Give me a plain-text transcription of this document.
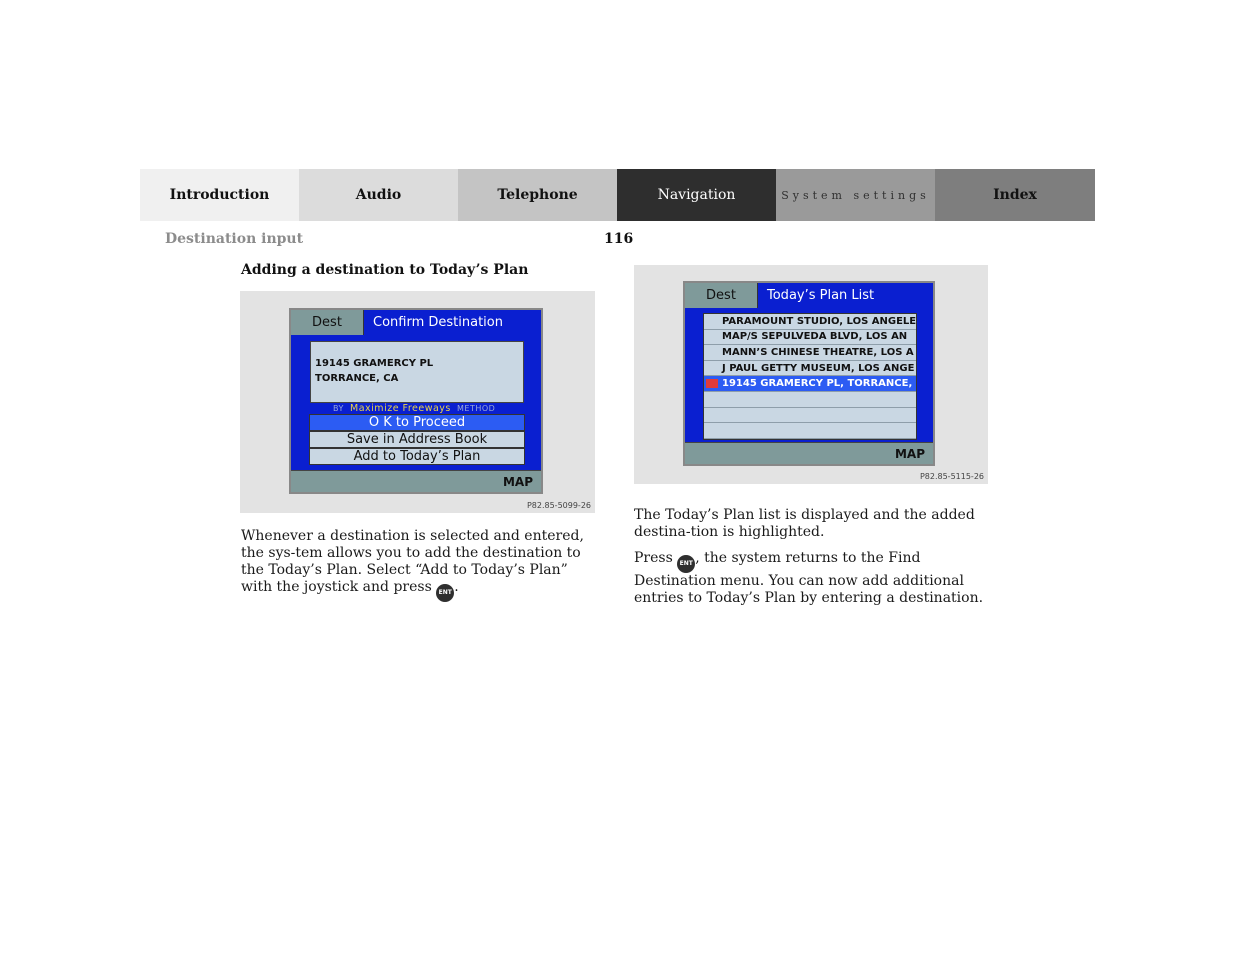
Introduction	Audio	Telephone	Navigation	System settings	Index
Destination input	116
Adding a destination to Today’s Plan
Dest	Confirm Destination
19145 GRAMERCY PL
TORRANCE, CA
BY Maximize Freeways METHOD
O K to Proceed
Save in Address Book
Add to Today’s Plan
MAP
P82.85-5099-26
Dest	Today’s Plan List
PARAMOUNT STUDIO, LOS ANGELE
MAP/S SEPULVEDA BLVD, LOS AN
MANN’S CHINESE THEATRE, LOS A
J PAUL GETTY MUSEUM, LOS ANGE
19145 GRAMERCY PL, TORRANCE,
MAP
P82.85-5115-26

Whenever a destination is selected and entered, the sys-tem allows you to add the destination to the Today’s Plan. Select “Add to Today’s Plan” with the joystick and press ENT .

The Today’s Plan list is displayed and the added destina-tion is highlighted.

Press ENT , the system returns to the Find Destination menu. You can now add additional entries to Today’s Plan by entering a destination.
